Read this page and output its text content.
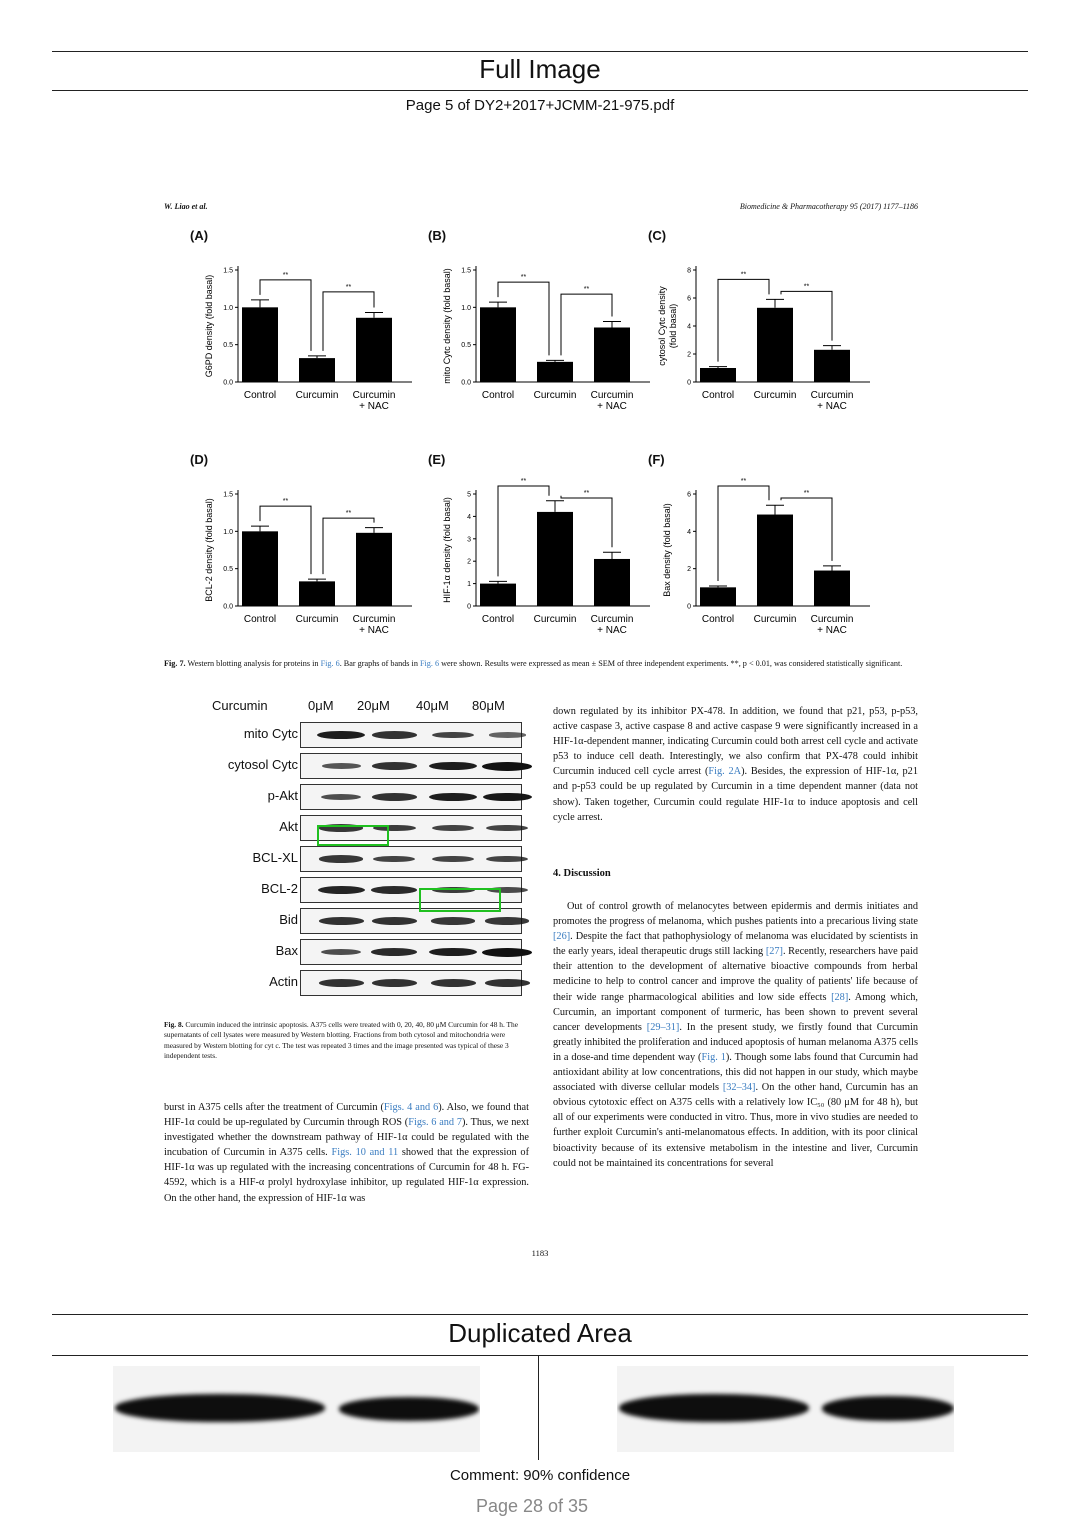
Full Image
Page 5 of DY2+2017+JCMM-21-975.pdf
W. Liao et al.	Biomedicine & Pharmacotherapy 95 (2017) 1177–1186
(A)
G6PD density (fold basal)
0.0
0.5
1.0
1.5
Control Curcumin Curcumin
+ NAC
**
**
(B)
mito Cytc density (fold basal) 0.0
0.5
1.0
1.5
Control Curcumin Curcumin
+ NAC
**
**
(C)
cytosol Cytc density (fold basal)
0
2
4
6
8
Control Curcumin Curcumin
+ NAC
**
**
(D)
BCL-2 density (fold basal)
0.0
0.5
1.0
1.5
Control Curcumin Curcumin
+ NAC
**
**
(E)
HIF-1α density (fold basal)
0
1
2
3
4
5
Control Curcumin Curcumin
+ NAC
**
**
(F)
Bax density (fold basal)
0
2
4
6
Control Curcumin Curcumin
+ NAC
**
**
Fig. 7. Western blotting analysis for proteins in Fig. 6. Bar graphs of bands in Fig. 6 were shown. Results were expressed as mean ± SEM of three independent experiments. **, p < 0.01, was considered statistically significant.
Curcumin	0μM 20μM 40μM 80μM
mito Cytc
cytosol Cytc
p-Akt
Akt
BCL-XL
BCL-2
Bid
Bax
Actin
Fig. 8. Curcumin induced the intrinsic apoptosis. A375 cells were treated with 0, 20, 40, 80 μM Curcumin for 48 h. The supernatants of cell lysates were measured by Western blotting. Fractions from both cytosol and mitochondria were measured by Western blotting for cyt c. The test was repeated 3 times and the image presented was typical of these 3 independent tests.
burst in A375 cells after the treatment of Curcumin (Figs. 4 and 6). Also, we found that HIF-1α could be up-regulated by Curcumin through ROS (Figs. 6 and 7). Thus, we next investigated whether the downstream pathway of HIF-1α could be regulated with the incubation of Curcumin in A375 cells. Figs. 10 and 11 showed that the expression of HIF-1α was up regulated with the increasing concentrations of Curcumin for 48 h. FG-4592, which is a HIF-α prolyl hydroxylase inhibitor, up regulated HIF-1α expression. On the other hand, the expression of HIF-1α was
down regulated by its inhibitor PX-478. In addition, we found that p21, p53, p-p53, active caspase 3, active caspase 8 and active caspase 9 were significantly increased in a HIF-1α-dependent manner, indicating Curcumin could both arrest cell cycle and activate p53 to induce cell death. Interestingly, we also confirm that PX-478 could inhibit Curcumin induced cell cycle arrest (Fig. 2A). Besides, the expression of HIF-1α, p21 and p-p53 could be up regulated by Curcumin in a time dependent manner (data not show). Taken together, Curcumin could regulate HIF-1α to induce apoptosis and cell cycle arrest.
4. Discussion
Out of control growth of melanocytes between epidermis and dermis initiates and promotes the progress of melanoma, which pushes patients into a precarious living state [26]. Despite the fact that pathophysiology of melanoma was elucidated by scientists in the early years, ideal therapeutic drugs still lacking [27]. Recently, researchers have paid their attention to the development of alternative bioactive compounds from herbal medicine to help to control cancer and improve the quality of patients' life because of their wide range pharmacological abilities and low side effects [28]. Among which, Curcumin, an important component of turmeric, has been shown to prevent several cancer developments [29–31]. In the present study, we firstly found that Curcumin greatly inhibited the proliferation and induced apoptosis of human melanoma A375 cells in a dose-and time dependent way (Fig. 1). Though some labs found that Curcumin had antioxidant ability at low concentrations, this did not happen in our study, which maybe associated with diverse cellular models [32–34]. On the other hand, Curcumin has an obvious cytotoxic effect on A375 cells with a relatively low IC₅₀ (80 μM for 48 h), but all of our experiments were conducted in vitro. Thus, more in vivo studies are needed to further exploit Curcumin's anti-melanomatous effects. In addition, with its poor clinical bioactivity because of its extensive metabolism in the intestine and liver, Curcumin could not be maintained its concentrations for several
1183
Duplicated Area
Comment: 90% confidence
Page 28 of 35
